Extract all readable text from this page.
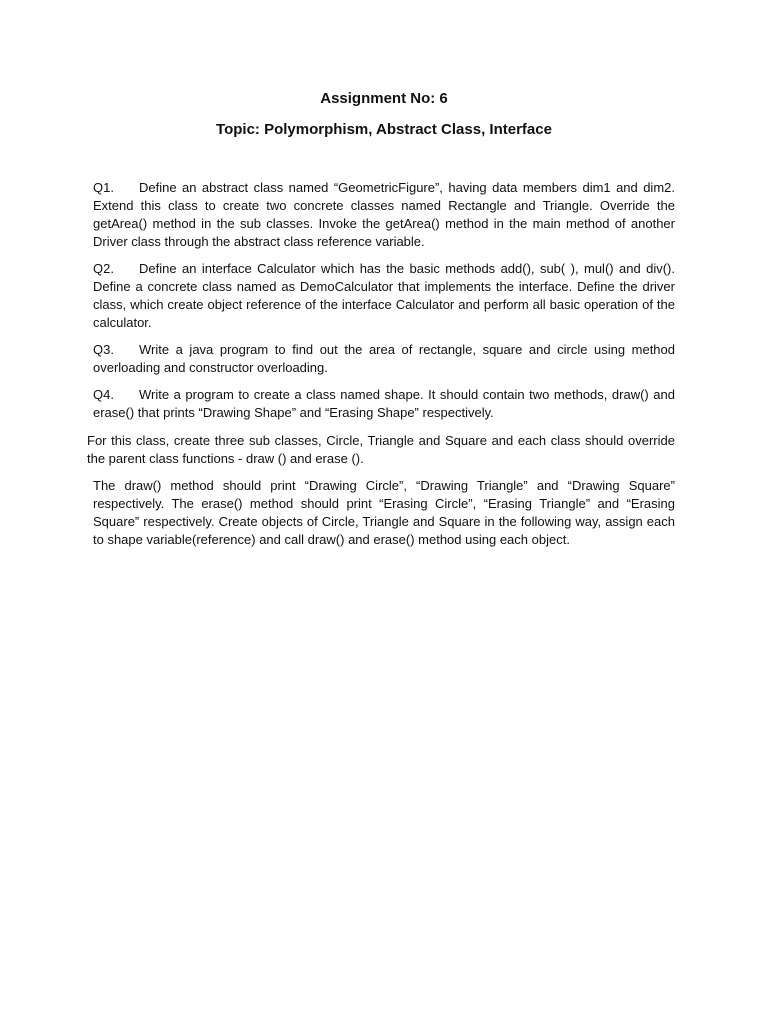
Assignment No: 6
Topic: Polymorphism, Abstract Class, Interface

Q1. Define an abstract class named “GeometricFigure”, having data members dim1 and dim2. Extend this class to create two concrete classes named Rectangle and Triangle. Override the getArea() method in the sub classes. Invoke the getArea() method in the main method of another Driver class through the abstract class reference variable.

Q2. Define an interface Calculator which has the basic methods add(), sub( ), mul() and div(). Define a concrete class named as DemoCalculator that implements the interface. Define the driver class, which create object reference of the interface Calculator and perform all basic operation of the calculator.

Q3. Write a java program to find out the area of rectangle, square and circle using method overloading and constructor overloading.

Q4. Write a program to create a class named shape. It should contain two methods, draw() and erase() that prints “Drawing Shape” and “Erasing Shape” respectively.

For this class, create three sub classes, Circle, Triangle and Square and each class should override the parent class functions - draw () and erase ().

The draw() method should print “Drawing Circle”, “Drawing Triangle” and “Drawing Square” respectively. The erase() method should print “Erasing Circle”, “Erasing Triangle” and “Erasing Square” respectively. Create objects of Circle, Triangle and Square in the following way, assign each to shape variable(reference) and call draw() and erase() method using each object.
